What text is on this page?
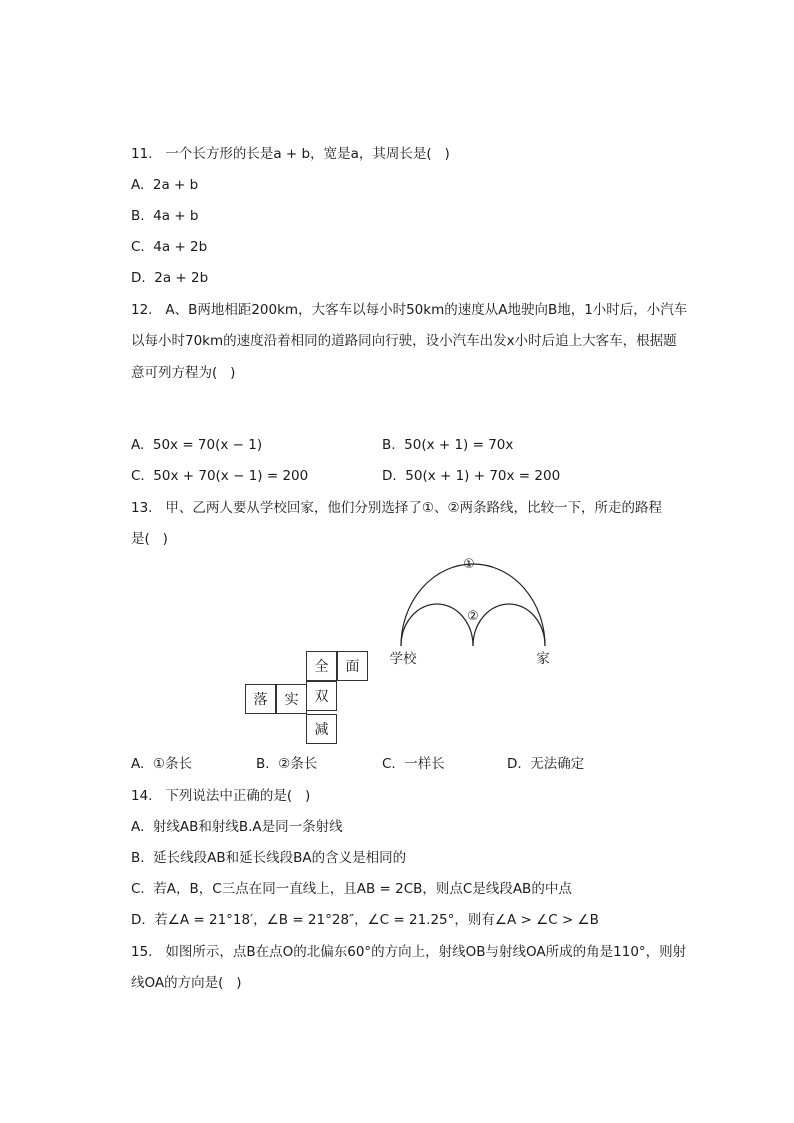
11.   一个长方形的长是a + b，宽是a，其周长是(   )
A.  2a + b
B.  4a + b
C.  4a + 2b
D.  2a + 2b
12.   A、B两地相距200km，大客车以每小时50km的速度从A地驶向B地，1小时后，小汽车
以每小时70km的速度沿着相同的道路同向行驶，设小汽车出发x小时后追上大客车，根据题
意可列方程为(   )
A.  50x = 70(x − 1)	B.  50(x + 1) = 70x
C.  50x + 70(x − 1) = 200	D.  50(x + 1) + 70x = 200
13.   甲、乙两人要从学校回家，他们分别选择了①、②两条路线，比较一下，所走的路程
是(   )
①
②
学校	家
全	面
落	实	双
减
A.  ①条长	B.  ②条长	C.  一样长	D.  无法确定
14.   下列说法中正确的是(   )
A.  射线AB和射线B.A是同一条射线
B.  延长线段AB和延长线段BA的含义是相同的
C.  若A，B，C三点在同一直线上，且AB = 2CB，则点C是线段AB的中点
D.  若∠A = 21°18′，∠B = 21°28″，∠C = 21.25°，则有∠A > ∠C > ∠B
15.   如图所示，点B在点O的北偏东60°的方向上，射线OB与射线OA所成的角是110°，则射
线OA的方向是(   )
